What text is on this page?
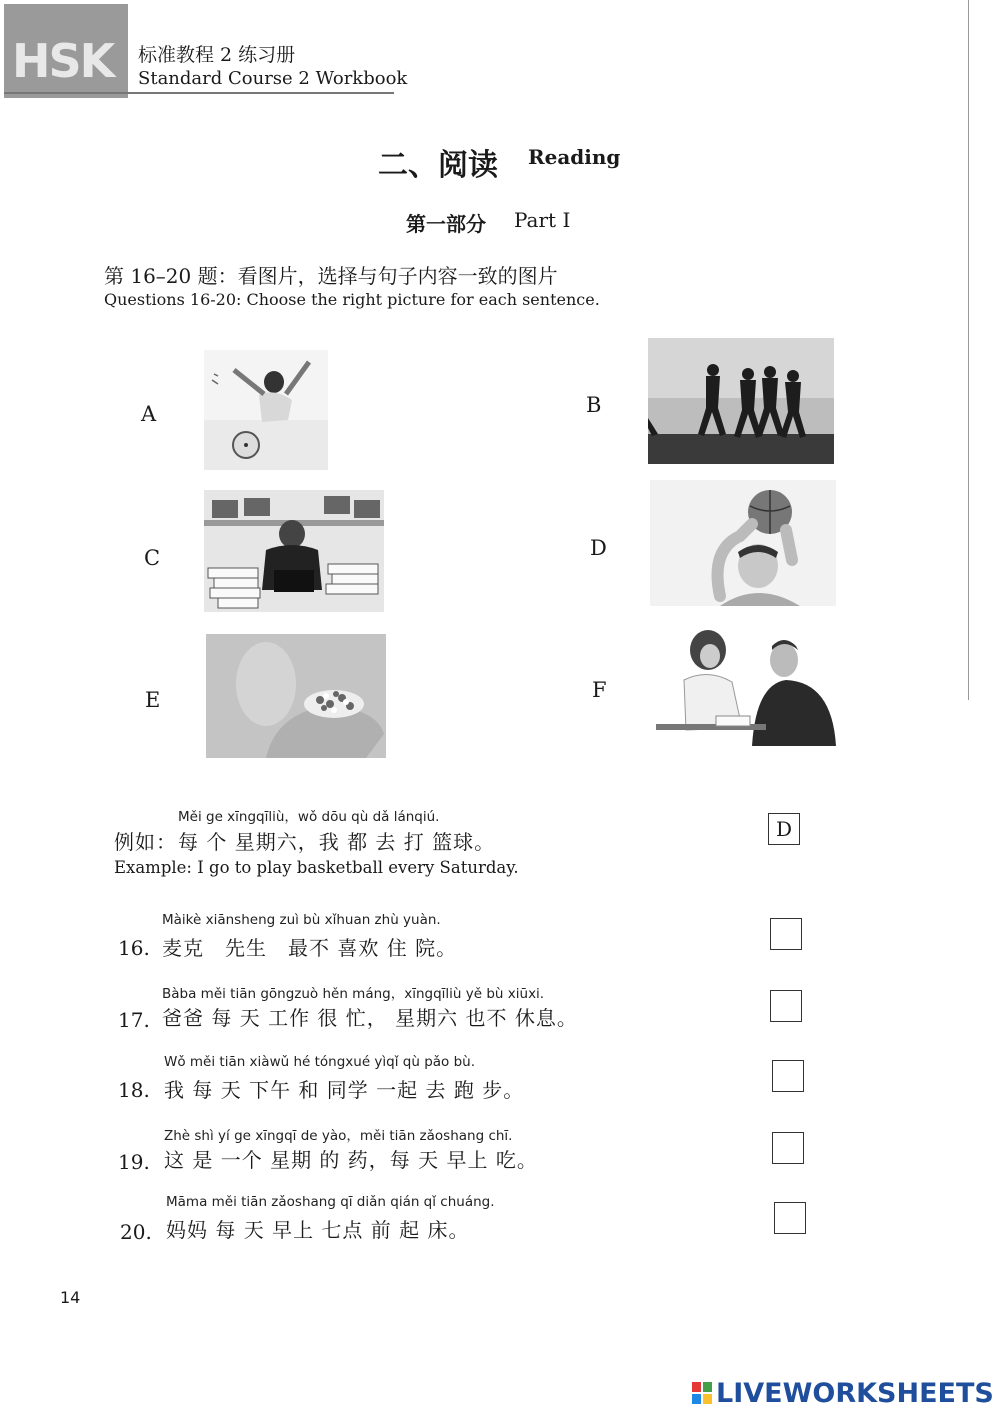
HSK 标准教程 2 练习册
Standard Course 2 Workbook
二、阅读 Reading
第一部分 Part Ⅰ
第 16–20 题：看图片，选择与句子内容一致的图片
Questions 16-20: Choose the right picture for each sentence.
A	B
C	D
E	F
Měi ge xīngqīliù，wǒ dōu qù dǎ lánqiú.
例如： 每 个 星期六，我 都 去 打 篮球。
Example: I go to play basketball every Saturday.
D
Màikè xiānsheng zuì bù xǐhuan zhù yuàn.
16. 麦克　先生　最不 喜欢 住 院。
Bàba měi tiān gōngzuò hěn máng，xīngqīliù yě bù xiūxi.
17. 爸爸 每 天 工作 很 忙， 星期六 也不 休息。
Wǒ měi tiān xiàwǔ hé tóngxué yìqǐ qù pǎo bù.
18. 我 每 天 下午 和 同学 一起 去 跑 步。
Zhè shì yí ge xīngqī de yào，měi tiān zǎoshang chī.
19. 这 是 一个 星期 的 药，每 天 早上 吃。
Māma měi tiān zǎoshang qī diǎn qián qǐ chuáng.
20. 妈妈 每 天 早上 七点 前 起 床。
14
LIVEWORKSHEETS
